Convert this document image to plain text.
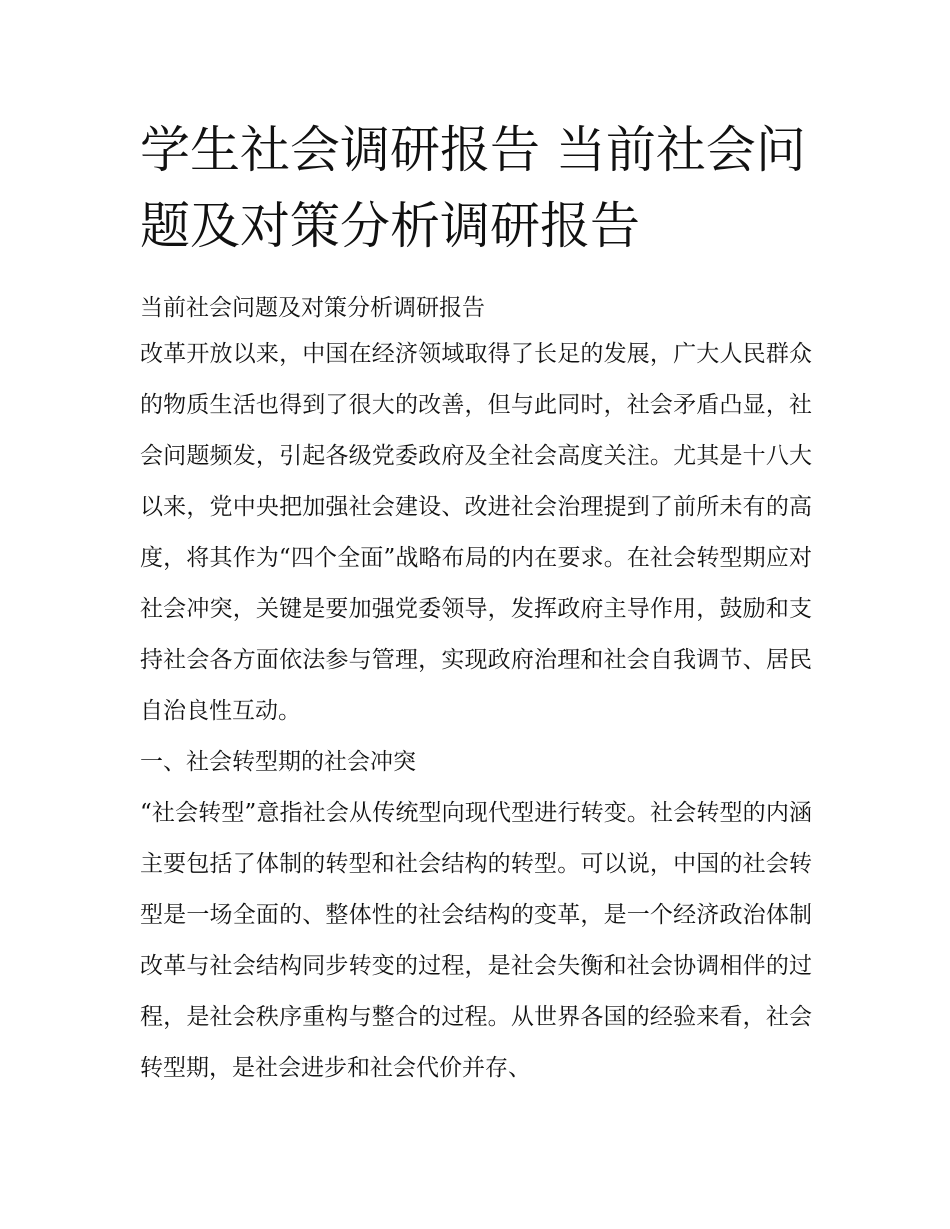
学生社会调研报告 当前社会问题及对策分析调研报告

当前社会问题及对策分析调研报告

改革开放以来，中国在经济领域取得了长足的发展，广大人民群众的物质生活也得到了很大的改善，但与此同时，社会矛盾凸显，社会问题频发，引起各级党委政府及全社会高度关注。尤其是十八大以来，党中央把加强社会建设、改进社会治理提到了前所未有的高度，将其作为“四个全面”战略布局的内在要求。在社会转型期应对社会冲突，关键是要加强党委领导，发挥政府主导作用，鼓励和支持社会各方面依法参与管理，实现政府治理和社会自我调节、居民自治良性互动。

一、社会转型期的社会冲突

“社会转型”意指社会从传统型向现代型进行转变。社会转型的内涵主要包括了体制的转型和社会结构的转型。可以说，中国的社会转型是一场全面的、整体性的社会结构的变革，是一个经济政治体制改革与社会结构同步转变的过程，是社会失衡和社会协调相伴的过程，是社会秩序重构与整合的过程。从世界各国的经验来看，社会转型期，是社会进步和社会代价并存、
